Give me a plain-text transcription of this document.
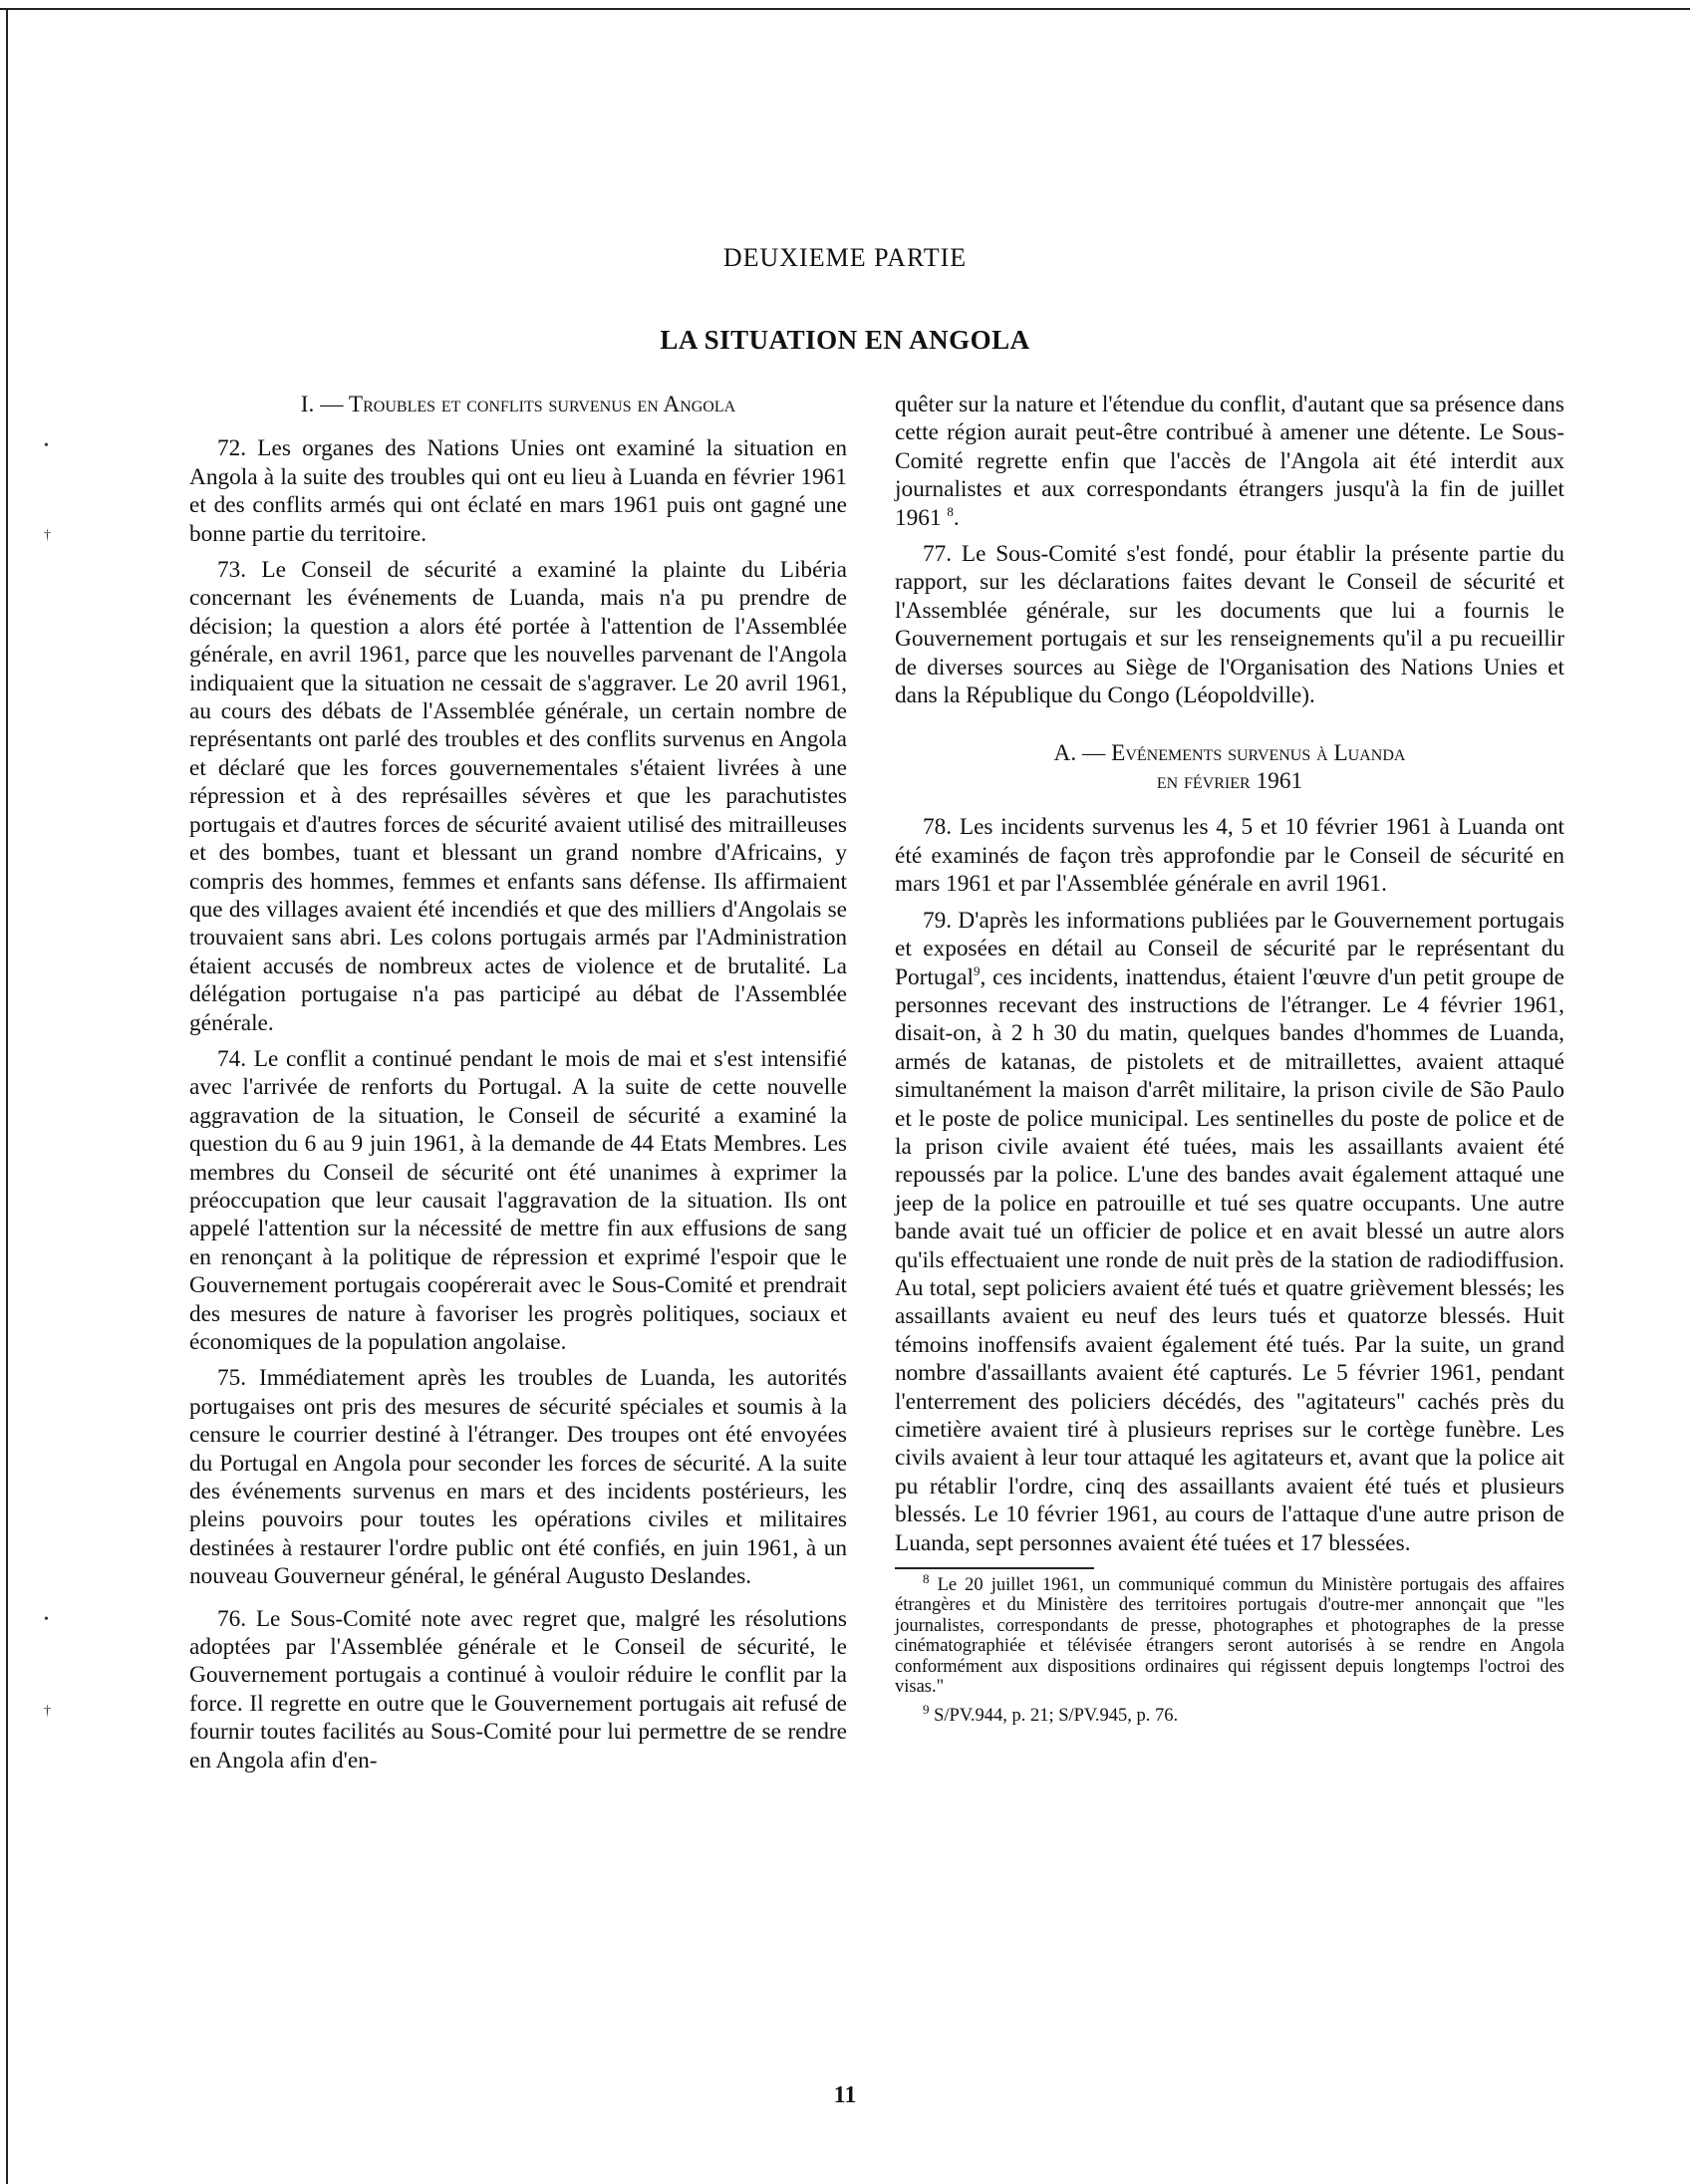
•
†
•
†
DEUXIEME PARTIE
LA SITUATION EN ANGOLA
I. — Troubles et conflits survenus en Angola

72. Les organes des Nations Unies ont examiné la situation en Angola à la suite des troubles qui ont eu lieu à Luanda en février 1961 et des conflits armés qui ont éclaté en mars 1961 puis ont gagné une bonne partie du territoire.

73. Le Conseil de sécurité a examiné la plainte du Libéria concernant les événements de Luanda, mais n'a pu prendre de décision; la question a alors été portée à l'attention de l'Assemblée générale, en avril 1961, parce que les nouvelles parvenant de l'Angola indiquaient que la situation ne cessait de s'aggraver. Le 20 avril 1961, au cours des débats de l'Assemblée générale, un certain nombre de représentants ont parlé des troubles et des conflits survenus en Angola et déclaré que les forces gouvernementales s'étaient livrées à une répression et à des représailles sévères et que les parachutistes portugais et d'autres forces de sécurité avaient utilisé des mitrailleuses et des bombes, tuant et blessant un grand nombre d'Africains, y compris des hommes, femmes et enfants sans défense. Ils affirmaient que des villages avaient été incendiés et que des milliers d'Angolais se trouvaient sans abri. Les colons portugais armés par l'Administration étaient accusés de nombreux actes de violence et de brutalité. La délégation portugaise n'a pas participé au débat de l'Assemblée générale.

74. Le conflit a continué pendant le mois de mai et s'est intensifié avec l'arrivée de renforts du Portugal. A la suite de cette nouvelle aggravation de la situation, le Conseil de sécurité a examiné la question du 6 au 9 juin 1961, à la demande de 44 Etats Membres. Les membres du Conseil de sécurité ont été unanimes à exprimer la préoccupation que leur causait l'aggravation de la situation. Ils ont appelé l'attention sur la nécessité de mettre fin aux effusions de sang en renonçant à la politique de répression et exprimé l'espoir que le Gouvernement portugais coopérerait avec le Sous-Comité et prendrait des mesures de nature à favoriser les progrès politiques, sociaux et économiques de la population angolaise.

75. Immédiatement après les troubles de Luanda, les autorités portugaises ont pris des mesures de sécurité spéciales et soumis à la censure le courrier destiné à l'étranger. Des troupes ont été envoyées du Portugal en Angola pour seconder les forces de sécurité. A la suite des événements survenus en mars et des incidents postérieurs, les pleins pouvoirs pour toutes les opérations civiles et militaires destinées à restaurer l'ordre public ont été confiés, en juin 1961, à un nouveau Gouverneur général, le général Augusto Deslandes.

76. Le Sous-Comité note avec regret que, malgré les résolutions adoptées par l'Assemblée générale et le Conseil de sécurité, le Gouvernement portugais a continué à vouloir réduire le conflit par la force. Il regrette en outre que le Gouvernement portugais ait refusé de fournir toutes facilités au Sous-Comité pour lui permettre de se rendre en Angola afin d'en-

quêter sur la nature et l'étendue du conflit, d'autant que sa présence dans cette région aurait peut-être contribué à amener une détente. Le Sous-Comité regrette enfin que l'accès de l'Angola ait été interdit aux journalistes et aux correspondants étrangers jusqu'à la fin de juillet 1961 $^8$.

77. Le Sous-Comité s'est fondé, pour établir la présente partie du rapport, sur les déclarations faites devant le Conseil de sécurité et l'Assemblée générale, sur les documents que lui a fournis le Gouvernement portugais et sur les renseignements qu'il a pu recueillir de diverses sources au Siège de l'Organisation des Nations Unies et dans la République du Congo (Léopoldville).

A. — Evénements survenus à Luanda
en février 1961

78. Les incidents survenus les 4, 5 et 10 février 1961 à Luanda ont été examinés de façon très approfondie par le Conseil de sécurité en mars 1961 et par l'Assemblée générale en avril 1961.

79. D'après les informations publiées par le Gouvernement portugais et exposées en détail au Conseil de sécurité par le représentant du Portugal$^9$, ces incidents, inattendus, étaient l'œuvre d'un petit groupe de personnes recevant des instructions de l'étranger. Le 4 février 1961, disait-on, à 2 h 30 du matin, quelques bandes d'hommes de Luanda, armés de katanas, de pistolets et de mitraillettes, avaient attaqué simultanément la maison d'arrêt militaire, la prison civile de São Paulo et le poste de police municipal. Les sentinelles du poste de police et de la prison civile avaient été tuées, mais les assaillants avaient été repoussés par la police. L'une des bandes avait également attaqué une jeep de la police en patrouille et tué ses quatre occupants. Une autre bande avait tué un officier de police et en avait blessé un autre alors qu'ils effectuaient une ronde de nuit près de la station de radiodiffusion. Au total, sept policiers avaient été tués et quatre grièvement blessés; les assaillants avaient eu neuf des leurs tués et quatorze blessés. Huit témoins inoffensifs avaient également été tués. Par la suite, un grand nombre d'assaillants avaient été capturés. Le 5 février 1961, pendant l'enterrement des policiers décédés, des "agitateurs" cachés près du cimetière avaient tiré à plusieurs reprises sur le cortège funèbre. Les civils avaient à leur tour attaqué les agitateurs et, avant que la police ait pu rétablir l'ordre, cinq des assaillants avaient été tués et plusieurs blessés. Le 10 février 1961, au cours de l'attaque d'une autre prison de Luanda, sept personnes avaient été tuées et 17 blessées.

$^8$ Le 20 juillet 1961, un communiqué commun du Ministère portugais des affaires étrangères et du Ministère des territoires portugais d'outre-mer annonçait que "les journalistes, correspondants de presse, photographes et photographes de la presse cinématographiée et télévisée étrangers seront autorisés à se rendre en Angola conformément aux dispositions ordinaires qui régissent depuis longtemps l'octroi des visas."

$^9$ S/PV.944, p. 21; S/PV.945, p. 76.

11
